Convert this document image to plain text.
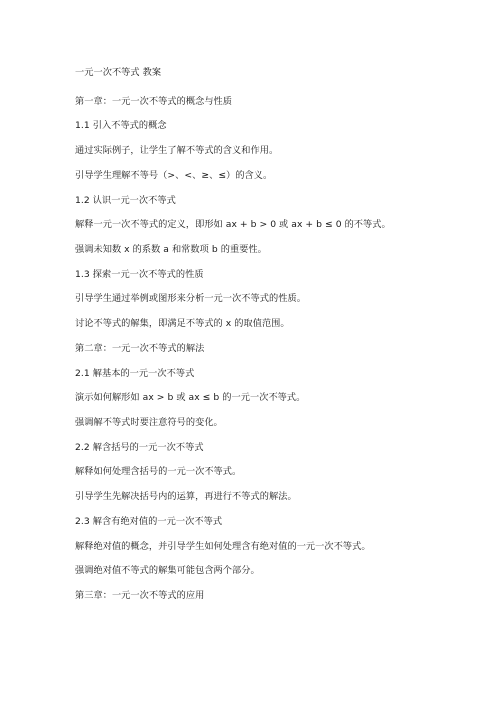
一元一次不等式 教案
第一章：一元一次不等式的概念与性质
1.1 引入不等式的概念
通过实际例子，让学生了解不等式的含义和作用。
引导学生理解不等号（>、<、≥、≤）的含义。
1.2 认识一元一次不等式
解释一元一次不等式的定义，即形如 ax + b > 0 或 ax + b ≤ 0 的不等式。
强调未知数 x 的系数 a 和常数项 b 的重要性。
1.3 探索一元一次不等式的性质
引导学生通过举例或图形来分析一元一次不等式的性质。
讨论不等式的解集，即满足不等式的 x 的取值范围。
第二章：一元一次不等式的解法
2.1 解基本的一元一次不等式
演示如何解形如 ax > b 或 ax ≤ b 的一元一次不等式。
强调解不等式时要注意符号的变化。
2.2 解含括号的一元一次不等式
解释如何处理含括号的一元一次不等式。
引导学生先解决括号内的运算，再进行不等式的解法。
2.3 解含有绝对值的一元一次不等式
解释绝对值的概念，并引导学生如何处理含有绝对值的一元一次不等式。
强调绝对值不等式的解集可能包含两个部分。
第三章：一元一次不等式的应用
